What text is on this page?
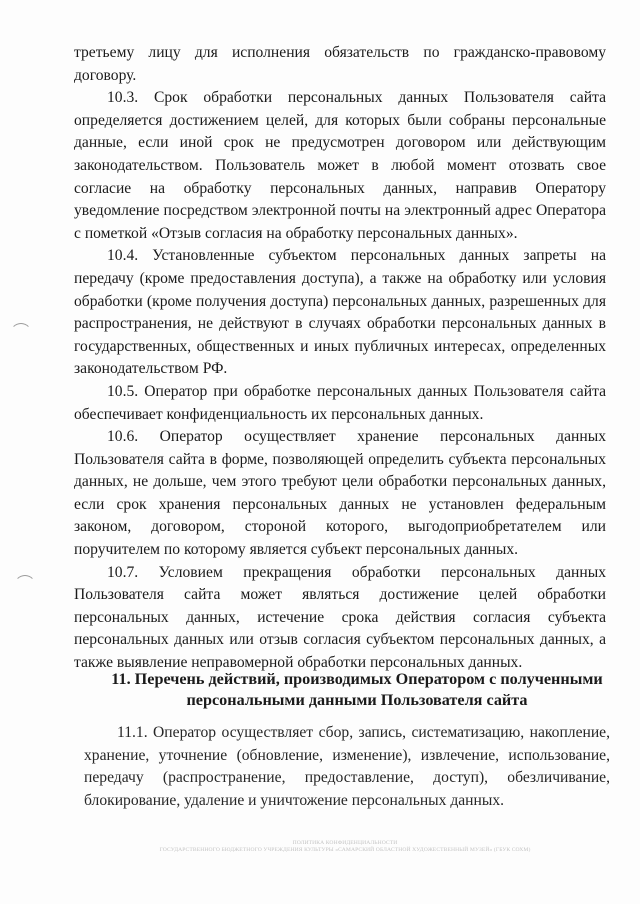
третьему лицу для исполнения обязательств по гражданско-правовому договору.

10.3. Срок обработки персональных данных Пользователя сайта определяется достижением целей, для которых были собраны персональные данные, если иной срок не предусмотрен договором или действующим законодательством. Пользователь может в любой момент отозвать свое согласие на обработку персональных данных, направив Оператору уведомление посредством электронной почты на электронный адрес Оператора с пометкой «Отзыв согласия на обработку персональных данных».

10.4. Установленные субъектом персональных данных запреты на передачу (кроме предоставления доступа), а также на обработку или условия обработки (кроме получения доступа) персональных данных, разрешенных для распространения, не действуют в случаях обработки персональных данных в государственных, общественных и иных публичных интересах, определенных законодательством РФ.

10.5. Оператор при обработке персональных данных Пользователя сайта обеспечивает конфиденциальность их персональных данных.

10.6. Оператор осуществляет хранение персональных данных Пользователя сайта в форме, позволяющей определить субъекта персональных данных, не дольше, чем этого требуют цели обработки персональных данных, если срок хранения персональных данных не установлен федеральным законом, договором, стороной которого, выгодоприобретателем или поручителем по которому является субъект персональных данных.

10.7. Условием прекращения обработки персональных данных Пользователя сайта может являться достижение целей обработки персональных данных, истечение срока действия согласия субъекта персональных данных или отзыв согласия субъектом персональных данных, а также выявление неправомерной обработки персональных данных.

11. Перечень действий, производимых Оператором с полученными
персональными данными Пользователя сайта

11.1. Оператор осуществляет сбор, запись, систематизацию, накопление, хранение, уточнение (обновление, изменение), извлечение, использование, передачу (распространение, предоставление, доступ), обезличивание, блокирование, удаление и уничтожение персональных данных.

ПОЛИТИКА КОНФИДЕНЦИАЛЬНОСТИ
ГОСУДАРСТВЕННОГО БЮДЖЕТНОГО УЧРЕЖДЕНИЯ КУЛЬТУРЫ «САМАРСКИЙ ОБЛАСТНОЙ ХУДОЖЕСТВЕННЫЙ МУЗЕЙ» (ГБУК СОХМ)
